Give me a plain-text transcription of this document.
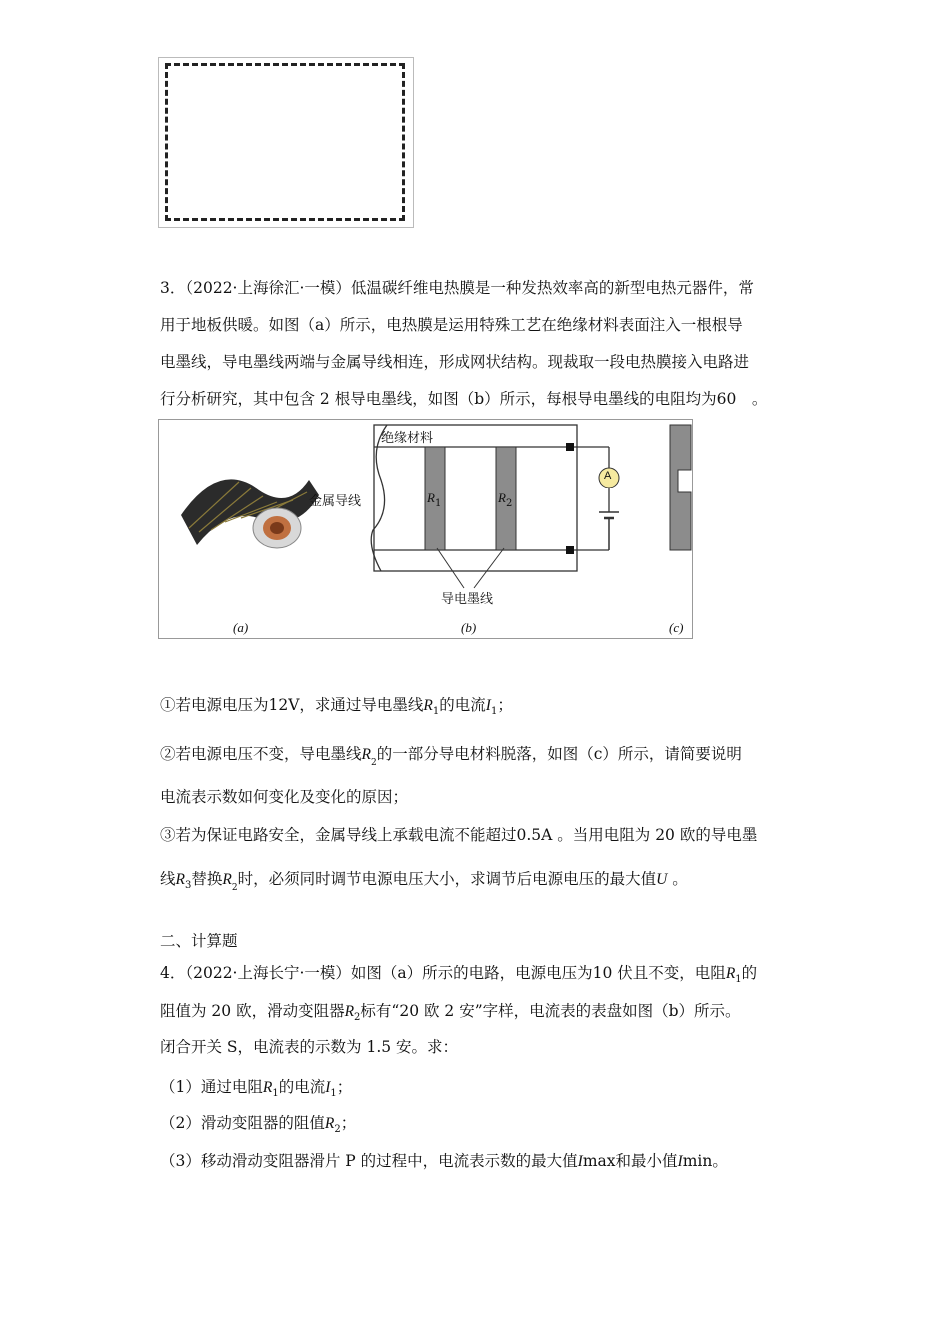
3．（2022·上海徐汇·一模）低温碳纤维电热膜是一种发热效率高的新型电热元器件，常
用于地板供暖。如图（a）所示，电热膜是运用特殊工艺在绝缘材料表面注入一根根导
电墨线，导电墨线两端与金属导线相连，形成网状结构。现裁取一段电热膜接入电路进
行分析研究，其中包含 2 根导电墨线，如图（b）所示，每根导电墨线的电阻均为60　。
绝缘材料
金属导线
导电墨线
$R_1$	$R_2$
A
(a)	(b)	(c)
①若电源电压为12V，求通过导电墨线$R_1$的电流$I_1$；
②若电源电压不变，导电墨线$R_2$的一部分导电材料脱落，如图（c）所示，请简要说明
电流表示数如何变化及变化的原因；
③若为保证电路安全，金属导线上承载电流不能超过0.5A 。当用电阻为 20 欧的导电墨
线$R_3$替换$R_2$时，必须同时调节电源电压大小，求调节后电源电压的最大值U 。
二、计算题
4．（2022·上海长宁·一模）如图（a）所示的电路，电源电压为10 伏且不变，电阻$R_1$的
阻值为 20 欧，滑动变阻器$R_2$标有“20 欧 2 安”字样，电流表的表盘如图（b）所示。
闭合开关 S，电流表的示数为 1.5 安。求：
（1）通过电阻$R_1$的电流$I_1$；
（2）滑动变阻器的阻值$R_2$；
（3）移动滑动变阻器滑片 P 的过程中，电流表示数的最大值Imax和最小值Imin。
